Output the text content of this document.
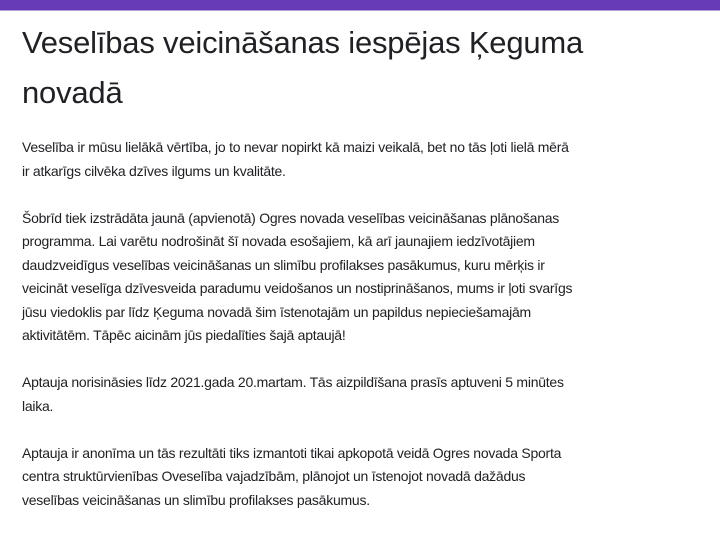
Veselības veicināšanas iespējas Ķeguma
novadā

Veselība ir mūsu lielākā vērtība, jo to nevar nopirkt kā maizi veikalā, bet no tās ļoti lielā mērā
ir atkarīgs cilvēka dzīves ilgums un kvalitāte.

Šobrīd tiek izstrādāta jaunā (apvienotā) Ogres novada veselības veicināšanas plānošanas
programma. Lai varētu nodrošināt šī novada esošajiem, kā arī jaunajiem iedzīvotājiem
daudzveidīgus veselības veicināšanas un slimību profilakses pasākumus, kuru mērķis ir
veicināt veselīga dzīvesveida paradumu veidošanos un nostiprināšanos, mums ir ļoti svarīgs
jūsu viedoklis par līdz Ķeguma novadā šim īstenotajām un papildus nepieciešamajām
aktivitātēm. Tāpēc aicinām jūs piedalīties šajā aptaujā!

Aptauja norisināsies līdz 2021.gada 20.martam. Tās aizpildīšana prasīs aptuveni 5 minūtes
laika.

Aptauja ir anonīma un tās rezultāti tiks izmantoti tikai apkopotā veidā Ogres novada Sporta
centra struktūrvienības Oveselība vajadzībām, plānojot un īstenojot novadā dažādus
veselības veicināšanas un slimību profilakses pasākumus.
